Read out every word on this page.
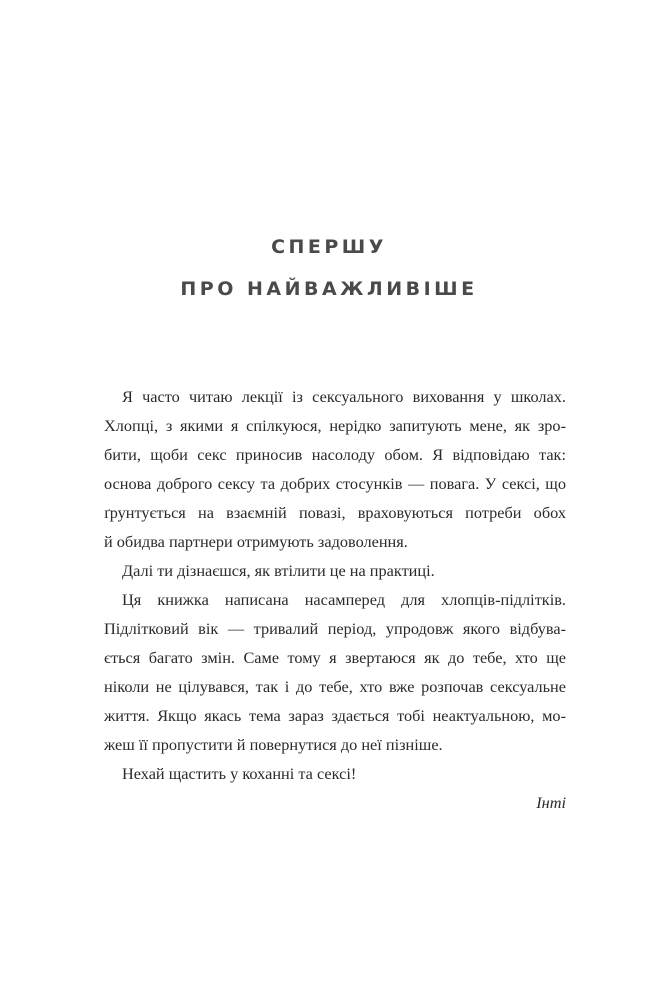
СПЕРШУ
ПРО НАЙВАЖЛИВІШЕ
Я часто читаю лекції із сексуального виховання у школах.
Хлопці, з якими я спілкуюся, нерідко запитують мене, як зро-
бити, щоби секс приносив насолоду обом. Я відповідаю так:
основа доброго сексу та добрих стосунків — повага. У сексі, що
ґрунтується на взаємній повазі, враховуються потреби обох
й обидва партнери отримують задоволення.
Далі ти дізнаєшся, як втілити це на практиці.
Ця книжка написана насамперед для хлопців-підлітків.
Підлітковий вік — тривалий період, упродовж якого відбува-
ється багато змін. Саме тому я звертаюся як до тебе, хто ще
ніколи не цілувався, так і до тебе, хто вже розпочав сексуальне
життя. Якщо якась тема зараз здається тобі неактуальною, мо-
жеш її пропустити й повернутися до неї пізніше.
Нехай щастить у коханні та сексі!

Інті
